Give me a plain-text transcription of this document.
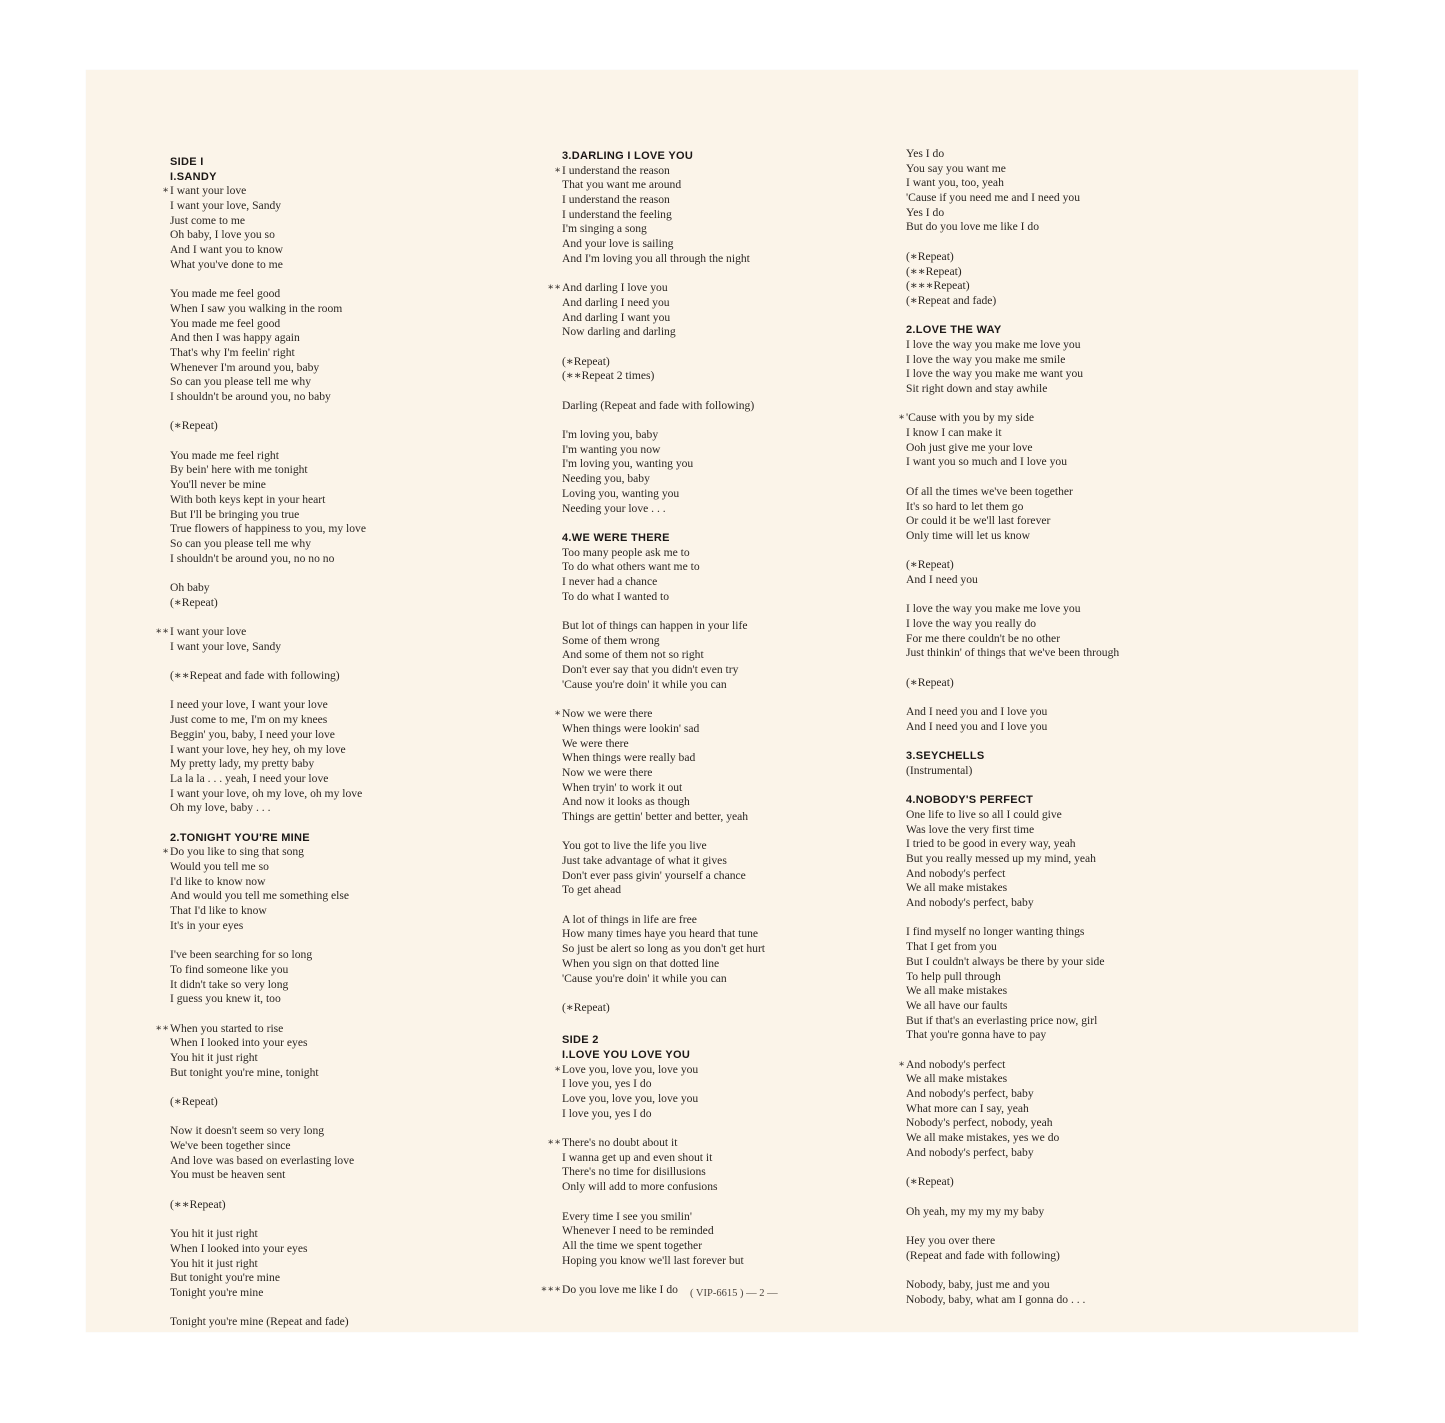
SIDE I
I.SANDY
∗ I want your love
I want your love, Sandy
Just come to me
Oh baby, I love you so
And I want you to know
What you've done to me
You made me feel good
When I saw you walking in the room
You made me feel good
And then I was happy again
That's why I'm feelin' right
Whenever I'm around you, baby
So can you please tell me why
I shouldn't be around you, no baby
(∗Repeat)
You made me feel right
By bein' here with me tonight
You'll never be mine
With both keys kept in your heart
But I'll be bringing you true
True flowers of happiness to you, my love
So can you please tell me why
I shouldn't be around you, no no no
Oh baby
(∗Repeat)
∗∗ I want your love
I want your love, Sandy
(∗∗Repeat and fade with following)
I need your love, I want your love
Just come to me, I'm on my knees
Beggin' you, baby, I need your love
I want your love, hey hey, oh my love
My pretty lady, my pretty baby
La la la . . . yeah, I need your love
I want your love, oh my love, oh my love
Oh my love, baby . . .
2.TONIGHT YOU'RE MINE
∗ Do you like to sing that song
Would you tell me so
I'd like to know now
And would you tell me something else
That I'd like to know
It's in your eyes
I've been searching for so long
To find someone like you
It didn't take so very long
I guess you knew it, too
∗∗ When you started to rise
When I looked into your eyes
You hit it just right
But tonight you're mine, tonight
(∗Repeat)
Now it doesn't seem so very long
We've been together since
And love was based on everlasting love
You must be heaven sent
(∗∗Repeat)
You hit it just right
When I looked into your eyes
You hit it just right
But tonight you're mine
Tonight you're mine
Tonight you're mine (Repeat and fade)
3.DARLING I LOVE YOU
∗ I understand the reason
That you want me around
I understand the reason
I understand the feeling
I'm singing a song
And your love is sailing
And I'm loving you all through the night
∗∗ And darling I love you
And darling I need you
And darling I want you
Now darling and darling
(∗Repeat)
(∗∗Repeat 2 times)
Darling (Repeat and fade with following)
I'm loving you, baby
I'm wanting you now
I'm loving you, wanting you
Needing you, baby
Loving you, wanting you
Needing your love . . .
4.WE WERE THERE
Too many people ask me to
To do what others want me to
I never had a chance
To do what I wanted to
But lot of things can happen in your life
Some of them wrong
And some of them not so right
Don't ever say that you didn't even try
'Cause you're doin' it while you can
∗ Now we were there
When things were lookin' sad
We were there
When things were really bad
Now we were there
When tryin' to work it out
And now it looks as though
Things are gettin' better and better, yeah
You got to live the life you live
Just take advantage of what it gives
Don't ever pass givin' yourself a chance
To get ahead
A lot of things in life are free
How many times haye you heard that tune
So just be alert so long as you don't get hurt
When you sign on that dotted line
'Cause you're doin' it while you can
(∗Repeat)
SIDE 2
I.LOVE YOU LOVE YOU
∗ Love you, love you, love you
I love you, yes I do
Love you, love you, love you
I love you, yes I do
∗∗ There's no doubt about it
I wanna get up and even shout it
There's no time for disillusions
Only will add to more confusions
Every time I see you smilin'
Whenever I need to be reminded
All the time we spent together
Hoping you know we'll last forever but
∗∗∗ Do you love me like I do
Yes I do
You say you want me
I want you, too, yeah
'Cause if you need me and I need you
Yes I do
But do you love me like I do
(∗Repeat)
(∗∗Repeat)
(∗∗∗Repeat)
(∗Repeat and fade)
2.LOVE THE WAY
I love the way you make me love you
I love the way you make me smile
I love the way you make me want you
Sit right down and stay awhile
∗ 'Cause with you by my side
I know I can make it
Ooh just give me your love
I want you so much and I love you
Of all the times we've been together
It's so hard to let them go
Or could it be we'll last forever
Only time will let us know
(∗Repeat)
And I need you
I love the way you make me love you
I love the way you really do
For me there couldn't be no other
Just thinkin' of things that we've been through
(∗Repeat)
And I need you and I love you
And I need you and I love you
3.SEYCHELLS
(Instrumental)
4.NOBODY'S PERFECT
One life to live so all I could give
Was love the very first time
I tried to be good in every way, yeah
But you really messed up my mind, yeah
And nobody's perfect
We all make mistakes
And nobody's perfect, baby
I find myself no longer wanting things
That I get from you
But I couldn't always be there by your side
To help pull through
We all make mistakes
We all have our faults
But if that's an everlasting price now, girl
That you're gonna have to pay
∗ And nobody's perfect
We all make mistakes
And nobody's perfect, baby
What more can I say, yeah
Nobody's perfect, nobody, yeah
We all make mistakes, yes we do
And nobody's perfect, baby
(∗Repeat)
Oh yeah, my my my my baby
Hey you over there
(Repeat and fade with following)
Nobody, baby, just me and you
Nobody, baby, what am I gonna do . . .
( VIP-6615 ) — 2 —
